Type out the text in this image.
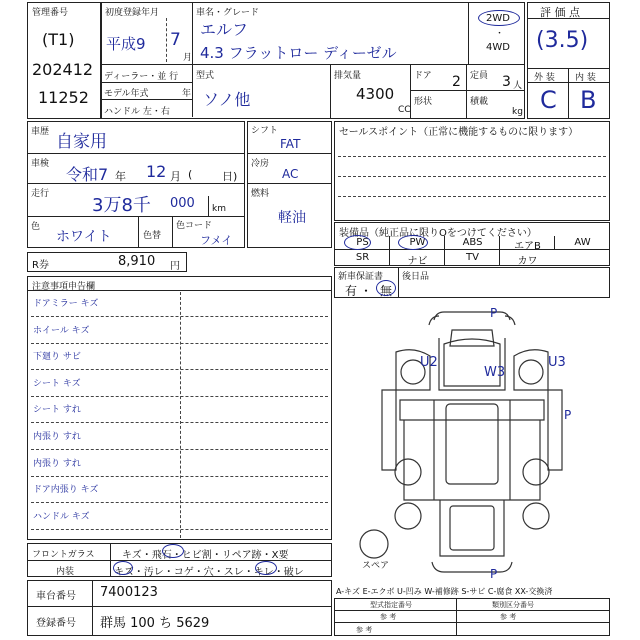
管理番号
(T1)
202412
11252
初度登録年月
平成9 7
月
車名・グレード
エルフ
4.3 フラットロー ディーゼル
2WD
・
4WD
ディーラー・並 行
モデル年式	年
ハンドル 左・右
型式
ソノ他
排気量
4300
CC
ドア 2 定員 3 人
形状	積載
kg
評 価 点
(3.5)
外 装 内 装
C B
車歴 自家用
車検
令和7 年 12 月 (	日)
走行
3万8千 000 km
色
ホワイト	色替
色コード
フメイ
シフト
FAT
冷房
AC
燃料
軽油
セールスポイント（正常に機能するものに限ります）
装備品（純正品に限りOをつけてください）
PS	PW	ABS	エアB	AW
SR	ナビ	TV	カワ
新車保証書
有 ・ 無
後日品
R券	8,910 円
注意事項申告欄
ドアミラー キズ
ホイール キズ
下廻り サビ
シート キズ
シート すれ
内張り すれ
内張り すれ
ドア内張り キズ
ハンドル キズ
フロントガラス	キズ・飛石・ヒビ割・リペア跡・X要
内装	キズ・汚レ・コゲ・穴・スレ・キレ・破レ
車台番号 7400123
登録番号 群馬 100 ち 5629
P
U2
W3
U3
P
P
スペア
A-キズ E-エクボ U-凹み W-補修跡 S-サビ C-腐食 XX-交換済
型式指定番号	類別区分番号
参 考	参 考
参 考
